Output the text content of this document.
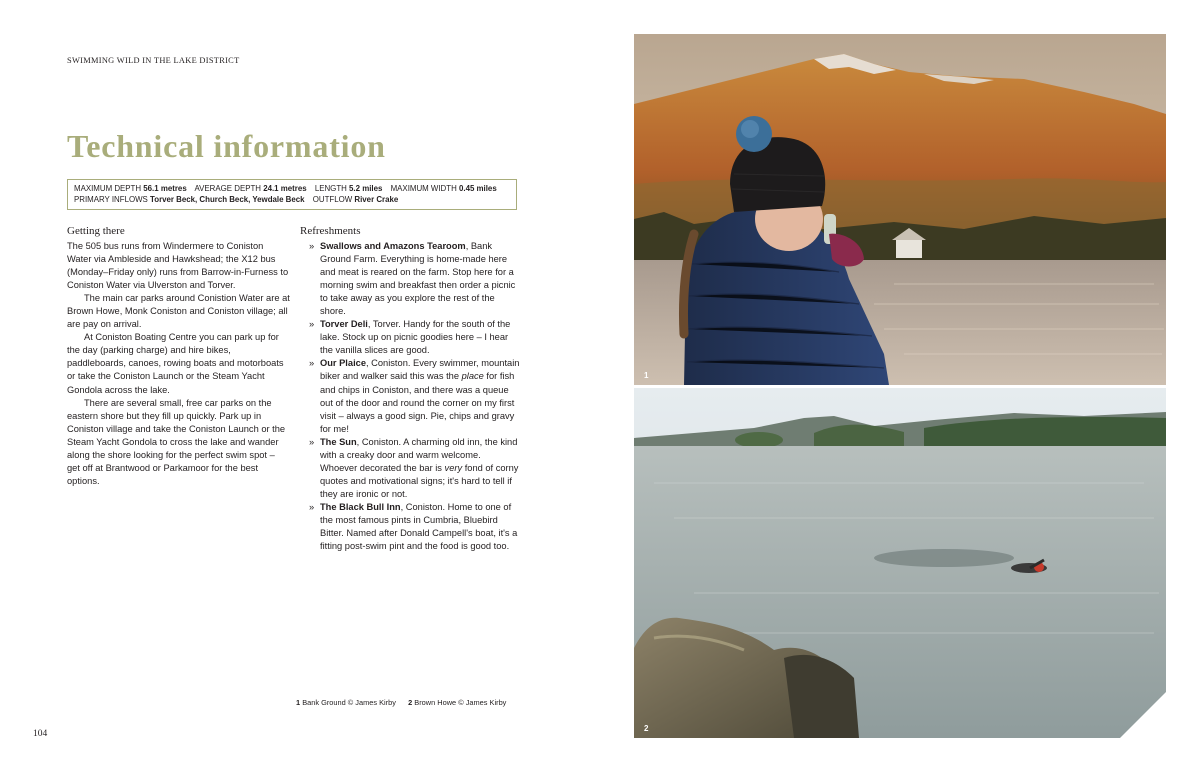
SWIMMING WILD IN THE LAKE DISTRICT
Technical information
MAXIMUM DEPTH 56.1 metres AVERAGE DEPTH 24.1 metres LENGTH 5.2 miles MAXIMUM WIDTH 0.45 miles
PRIMARY INFLOWS Torver Beck, Church Beck, Yewdale Beck OUTFLOW River Crake
Getting there

The 505 bus runs from Windermere to Coniston Water via Ambleside and Hawkshead; the X12 bus (Monday–Friday only) runs from Barrow-in-Furness to Coniston Water via Ulverston and Torver.

The main car parks around Conistion Water are at Brown Howe, Monk Coniston and Coniston village; all are pay on arrival.

At Coniston Boating Centre you can park up for the day (parking charge) and hire bikes, paddleboards, canoes, rowing boats and motorboats or take the Coniston Launch or the Steam Yacht Gondola across the lake.

There are several small, free car parks on the eastern shore but they fill up quickly. Park up in Coniston village and take the Coniston Launch or the Steam Yacht Gondola to cross the lake and wander along the shore looking for the perfect swim spot – get off at Brantwood or Parkamoor for the best options.

Refreshments

» Swallows and Amazons Tearoom, Bank Ground Farm. Everything is home-made here and meat is reared on the farm. Stop here for a morning swim and breakfast then order a picnic to take away as you explore the rest of the shore.

» Torver Deli, Torver. Handy for the south of the lake. Stock up on picnic goodies here – I hear the vanilla slices are good.

» Our Plaice, Coniston. Every swimmer, mountain biker and walker said this was the place for fish and chips in Coniston, and there was a queue out of the door and round the corner on my first visit – always a good sign. Pie, chips and gravy for me!

» The Sun, Coniston. A charming old inn, the kind with a creaky door and warm welcome. Whoever decorated the bar is very fond of corny quotes and motivational signs; it's hard to tell if they are ironic or not.

» The Black Bull Inn, Coniston. Home to one of the most famous pints in Cumbria, Bluebird Bitter. Named after Donald Campell's boat, it's a fitting post-swim pint and the food is good too.

1 Bank Ground © James Kirby 2 Brown Howe © James Kirby
104
1
2
